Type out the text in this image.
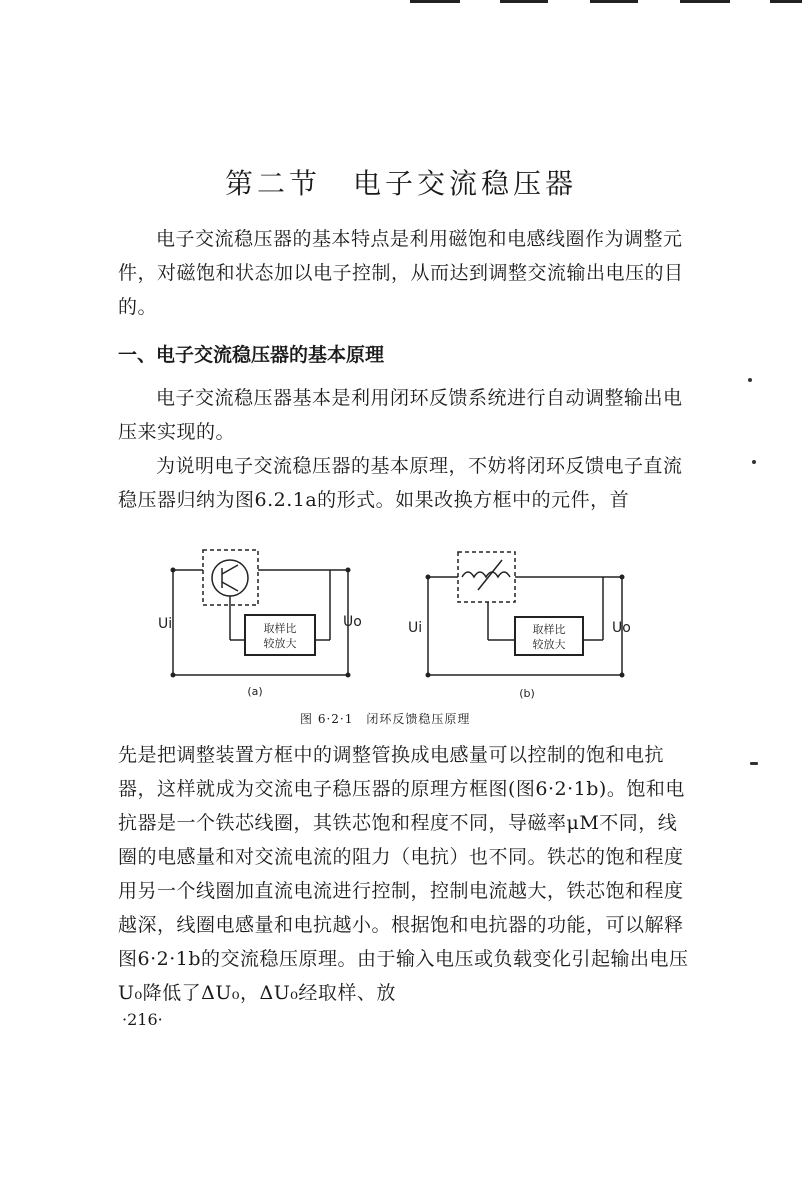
第二节　电子交流稳压器
电子交流稳压器的基本特点是利用磁饱和电感线圈作为调整元件，对磁饱和状态加以电子控制，从而达到调整交流输出电压的目的。
一、电子交流稳压器的基本原理
电子交流稳压器基本是利用闭环反馈系统进行自动调整输出电压来实现的。
为说明电子交流稳压器的基本原理，不妨将闭环反馈电子直流稳压器归纳为图6.2.1a的形式。如果改换方框中的元件，首
Ui	Uo
取样比
较放大
(a)
Ui	Uo
取样比
较放大
(b)
图 6·2·1　闭环反馈稳压原理
先是把调整装置方框中的调整管换成电感量可以控制的饱和电抗器，这样就成为交流电子稳压器的原理方框图(图6·2·1b)。饱和电抗器是一个铁芯线圈，其铁芯饱和程度不同，导磁率μM不同，线圈的电感量和对交流电流的阻力（电抗）也不同。铁芯的饱和程度用另一个线圈加直流电流进行控制，控制电流越大，铁芯饱和程度越深，线圈电感量和电抗越小。根据饱和电抗器的功能，可以解释图6·2·1b的交流稳压原理。由于输入电压或负载变化引起输出电压U₀降低了ΔU₀，ΔU₀经取样、放
·216·
